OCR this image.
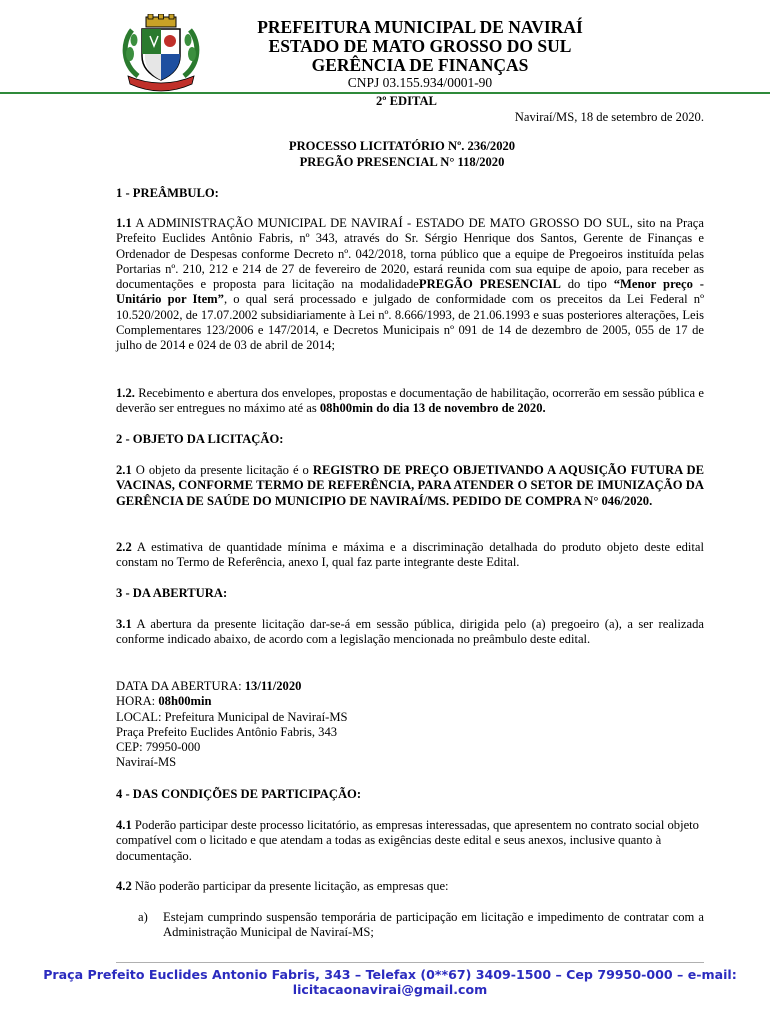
PREFEITURA MUNICIPAL DE NAVIRAÍ
ESTADO DE MATO GROSSO DO SUL
GERÊNCIA DE FINANÇAS
CNPJ 03.155.934/0001-90
2º EDITAL
Naviraí/MS, 18 de setembro de 2020.
PROCESSO LICITATÓRIO Nº. 236/2020
PREGÃO PRESENCIAL N° 118/2020
1 - PREÂMBULO:
1.1 A ADMINISTRAÇÃO MUNICIPAL DE NAVIRAÍ - ESTADO DE MATO GROSSO DO SUL, sito na Praça Prefeito Euclides Antônio Fabris, nº 343, através do Sr. Sérgio Henrique dos Santos, Gerente de Finanças e Ordenador de Despesas conforme Decreto nº. 042/2018, torna público que a equipe de Pregoeiros instituída pelas Portarias nº. 210, 212 e 214 de 27 de fevereiro de 2020, estará reunida com sua equipe de apoio, para receber as documentações e proposta para licitação na modalidadePREGÃO PRESENCIAL do tipo “Menor preço - Unitário por Item”, o qual será processado e julgado de conformidade com os preceitos da Lei Federal nº 10.520/2002, de 17.07.2002 subsidiariamente à Lei nº. 8.666/1993, de 21.06.1993 e suas posteriores alterações, Leis Complementares 123/2006 e 147/2014, e Decretos Municipais nº 091 de 14 de dezembro de 2005, 055 de 17 de julho de 2014 e 024 de 03 de abril de 2014;
1.2. Recebimento e abertura dos envelopes, propostas e documentação de habilitação, ocorrerão em sessão pública e deverão ser entregues no máximo até as 08h00min do dia 13 de novembro de 2020.
2 - OBJETO DA LICITAÇÃO:
2.1 O objeto da presente licitação é o REGISTRO DE PREÇO OBJETIVANDO A AQUSIÇÃO FUTURA DE VACINAS, CONFORME TERMO DE REFERÊNCIA, PARA ATENDER O SETOR DE IMUNIZAÇÃO DA GERÊNCIA DE SAÚDE DO MUNICIPIO DE NAVIRAÍ/MS. PEDIDO DE COMPRA N° 046/2020.
2.2 A estimativa de quantidade mínima e máxima e a discriminação detalhada do produto objeto deste edital constam no Termo de Referência, anexo I, qual faz parte integrante deste Edital.
3 - DA ABERTURA:
3.1 A abertura da presente licitação dar-se-á em sessão pública, dirigida pelo (a) pregoeiro (a), a ser realizada conforme indicado abaixo, de acordo com a legislação mencionada no preâmbulo deste edital.
DATA DA ABERTURA: 13/11/2020
HORA: 08h00min
LOCAL: Prefeitura Municipal de Naviraí-MS
Praça Prefeito Euclides Antônio Fabris, 343
CEP: 79950-000
Naviraí-MS
4 - DAS CONDIÇÕES DE PARTICIPAÇÃO:
4.1 Poderão participar deste processo licitatório, as empresas interessadas, que apresentem no contrato social objeto compatível com o licitado e que atendam a todas as exigências deste edital e seus anexos, inclusive quanto à documentação.
4.2 Não poderão participar da presente licitação, as empresas que:
a) Estejam cumprindo suspensão temporária de participação em licitação e impedimento de contratar com a Administração Municipal de Naviraí-MS;
Praça Prefeito Euclides Antonio Fabris, 343 – Telefax (0**67) 3409-1500 – Cep 79950-000 – e-mail:
licitacaonavirai@gmail.com
